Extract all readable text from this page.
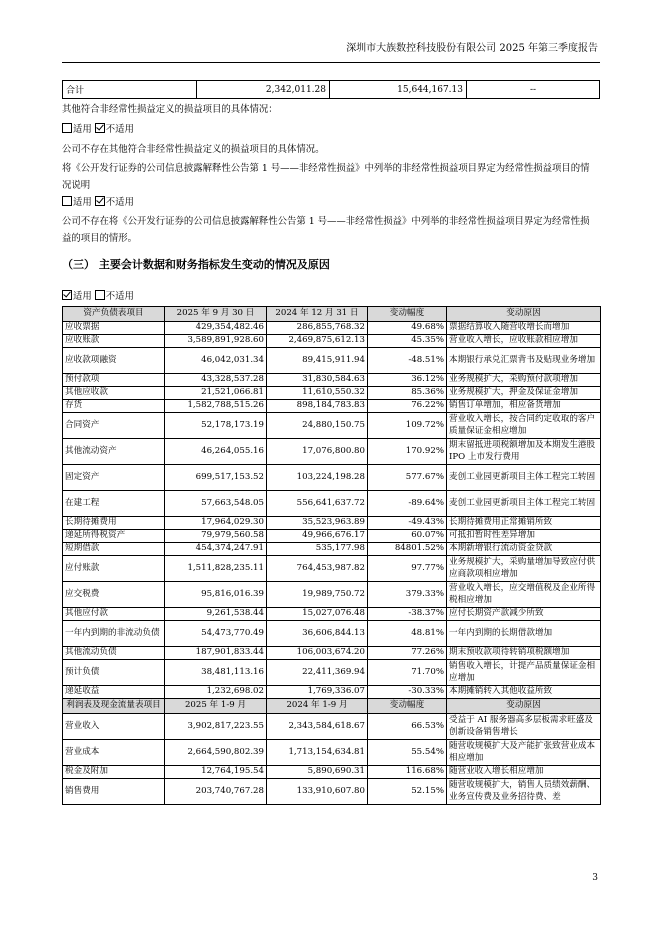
深圳市大族数控科技股份有限公司 2025 年第三季度报告
合计	2,342,011.28	15,644,167.13	--
其他符合非经常性损益定义的损益项目的具体情况：
适用 不适用
公司不存在其他符合非经常性损益定义的损益项目的具体情况。
将《公开发行证券的公司信息披露解释性公告第 1 号——非经常性损益》中列举的非经常性损益项目界定为经常性损益项目的情况说明
适用 不适用
公司不存在将《公开发行证券的公司信息披露解释性公告第 1 号——非经常性损益》中列举的非经常性损益项目界定为经常性损益的项目的情形。
（三） 主要会计数据和财务指标发生变动的情况及原因
适用 不适用
资产负债表项目	2025 年 9 月 30 日	2024 年 12 月 31 日	变动幅度	变动原因
应收票据	429,354,482.46	286,855,768.32	49.68%	票据结算收入随营收增长而增加
应收账款	3,589,891,928.60	2,469,875,612.13	45.35%	营业收入增长，应收账款相应增加
应收款项融资	46,042,031.34	89,415,911.94	-48.51%	本期银行承兑汇票背书及贴现业务增加
预付款项	43,328,537.28	31,830,584.63	36.12%	业务规模扩大，采购预付款项增加
其他应收款	21,521,066.81	11,610,550.32	85.36%	业务规模扩大，押金及保证金增加
存货	1,582,788,515.26	898,184,783.83	76.22%	销售订单增加，相应备货增加
合同资产	52,178,173.19	24,880,150.75	109.72%	营业收入增长，按合同约定收取的客户质量保证金相应增加
其他流动资产	46,264,055.16	17,076,800.80	170.92%	期末留抵进项税额增加及本期发生港股 IPO 上市发行费用
固定资产	699,517,153.52	103,224,198.28	577.67%	麦创工业园更新项目主体工程完工转固
在建工程	57,663,548.05	556,641,637.72	-89.64%	麦创工业园更新项目主体工程完工转固
长期待摊费用	17,964,029.30	35,523,963.89	-49.43%	长期待摊费用正常摊销所致
递延所得税资产	79,979,560.58	49,966,676.17	60.07%	可抵扣暂时性差异增加
短期借款	454,374,247.91	535,177.98	84801.52%	本期新增银行流动资金贷款
应付账款	1,511,828,235.11	764,453,987.82	97.77%	业务规模扩大，采购量增加导致应付供应商款项相应增加
应交税费	95,816,016.39	19,989,750.72	379.33%	营业收入增长，应交增值税及企业所得税相应增加
其他应付款	9,261,538.44	15,027,076.48	-38.37%	应付长期资产款减少所致
一年内到期的非流动负债	54,473,770.49	36,606,844.13	48.81%	一年内到期的长期借款增加
其他流动负债	187,901,833.44	106,003,674.20	77.26%	期末预收款项待转销项税额增加
预计负债	38,481,113.16	22,411,369.94	71.70%	销售收入增长，计提产品质量保证金相应增加
递延收益	1,232,698.02	1,769,336.07	-30.33%	本期摊销转入其他收益所致
利润表及现金流量表项目	2025 年 1-9 月	2024 年 1-9 月	变动幅度	变动原因
营业收入	3,902,817,223.55	2,343,584,618.67	66.53%	受益于 AI 服务器高多层板需求旺盛及创新设备销售增长
营业成本	2,664,590,802.39	1,713,154,634.81	55.54%	随营收规模扩大及产能扩张致营业成本相应增加
税金及附加	12,764,195.54	5,890,690.31	116.68%	随营业收入增长相应增加
销售费用	203,740,767.28	133,910,607.80	52.15%	随营收规模扩大，销售人员绩效薪酬、业务宣传费及业务招待费、差
3
